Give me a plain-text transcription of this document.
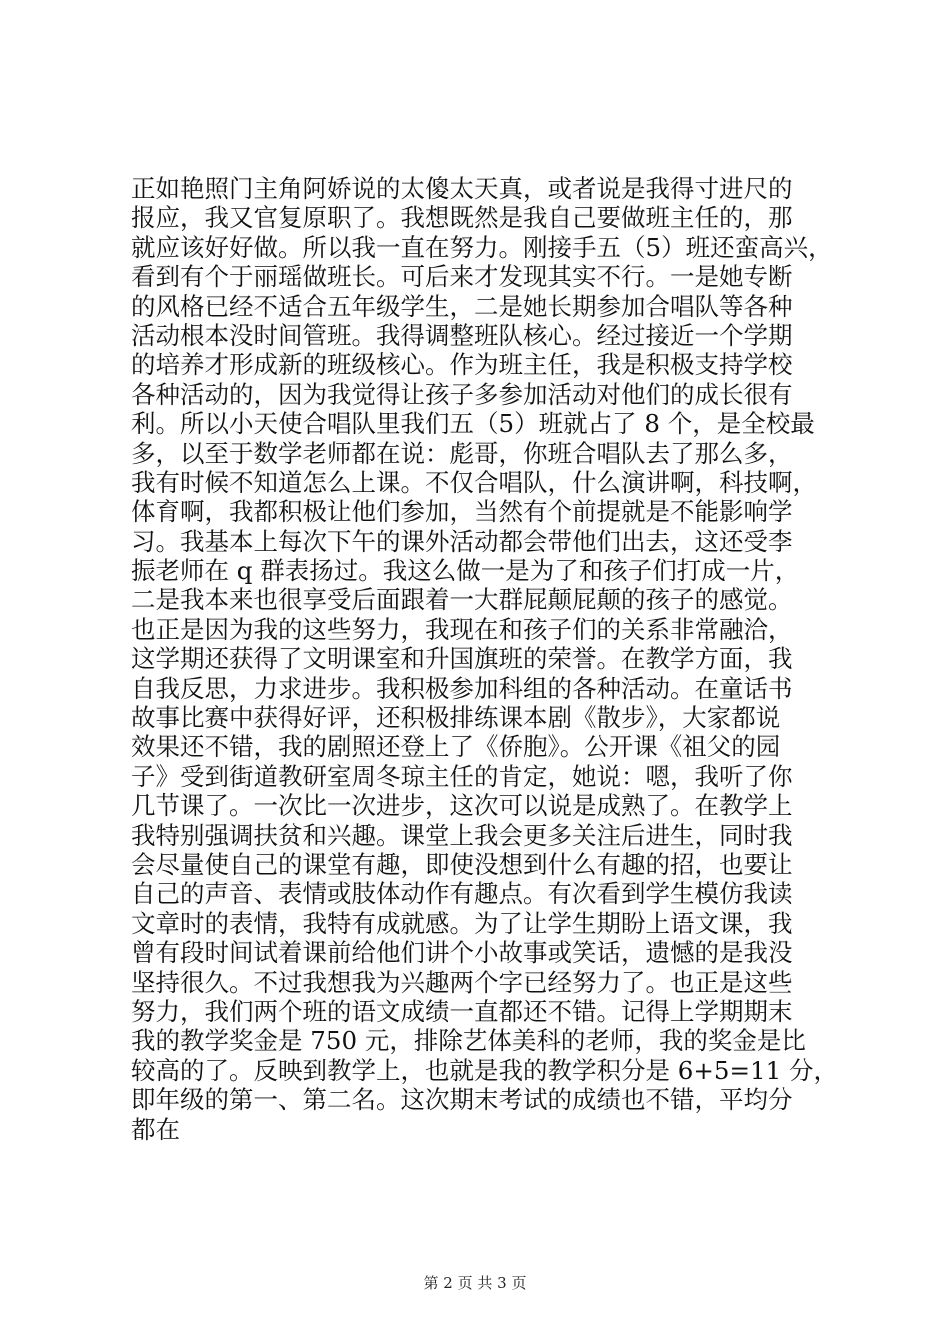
正如艳照门主角阿娇说的太傻太天真，或者说是我得寸进尺的
报应，我又官复原职了。我想既然是我自己要做班主任的，那
就应该好好做。所以我一直在努力。刚接手五（5）班还蛮高兴，
看到有个于丽瑶做班长。可后来才发现其实不行。一是她专断
的风格已经不适合五年级学生，二是她长期参加合唱队等各种
活动根本没时间管班。我得调整班队核心。经过接近一个学期
的培养才形成新的班级核心。作为班主任，我是积极支持学校
各种活动的，因为我觉得让孩子多参加活动对他们的成长很有
利。所以小天使合唱队里我们五（5）班就占了 8 个，是全校最
多，以至于数学老师都在说：彪哥，你班合唱队去了那么多，
我有时候不知道怎么上课。不仅合唱队，什么演讲啊，科技啊，
体育啊，我都积极让他们参加，当然有个前提就是不能影响学
习。我基本上每次下午的课外活动都会带他们出去，这还受李
振老师在 q 群表扬过。我这么做一是为了和孩子们打成一片，
二是我本来也很享受后面跟着一大群屁颠屁颠的孩子的感觉。
也正是因为我的这些努力，我现在和孩子们的关系非常融洽，
这学期还获得了文明课室和升国旗班的荣誉。在教学方面，我
自我反思，力求进步。我积极参加科组的各种活动。在童话书
故事比赛中获得好评，还积极排练课本剧《散步》，大家都说
效果还不错，我的剧照还登上了《侨胞》。公开课《祖父的园
子》受到街道教研室周冬琼主任的肯定，她说：嗯，我听了你
几节课了。一次比一次进步，这次可以说是成熟了。在教学上
我特别强调扶贫和兴趣。课堂上我会更多关注后进生，同时我
会尽量使自己的课堂有趣，即使没想到什么有趣的招，也要让
自己的声音、表情或肢体动作有趣点。有次看到学生模仿我读
文章时的表情，我特有成就感。为了让学生期盼上语文课，我
曾有段时间试着课前给他们讲个小故事或笑话，遗憾的是我没
坚持很久。不过我想我为兴趣两个字已经努力了。也正是这些
努力，我们两个班的语文成绩一直都还不错。记得上学期期末
我的教学奖金是 750 元，排除艺体美科的老师，我的奖金是比
较高的了。反映到教学上，也就是我的教学积分是 6+5=11 分，
即年级的第一、第二名。这次期末考试的成绩也不错，平均分
都在
第 2 页 共 3 页
